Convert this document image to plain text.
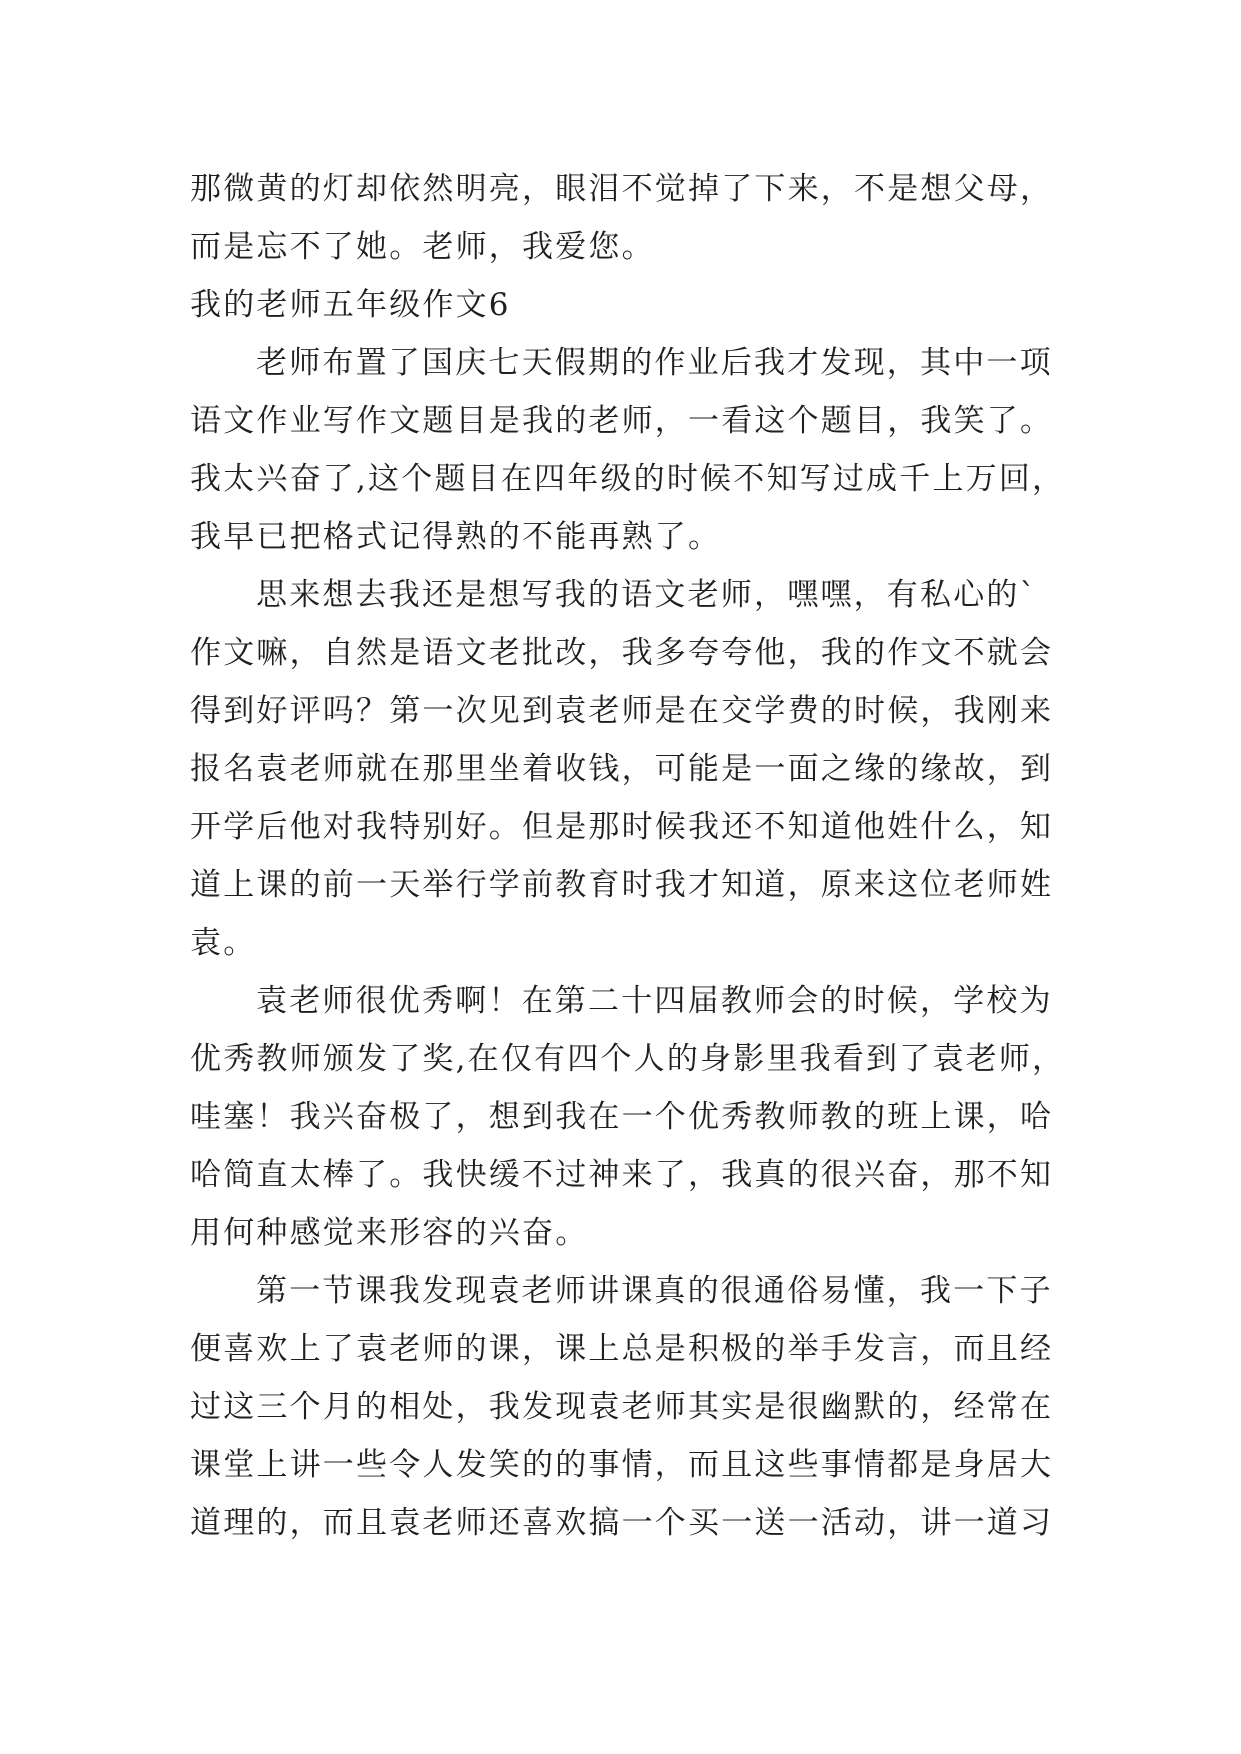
那微黄的灯却依然明亮，眼泪不觉掉了下来，不是想父母，
而是忘不了她。老师，我爱您。
我的老师五年级作文6
老师布置了国庆七天假期的作业后我才发现，其中一项
语文作业写作文题目是我的老师，一看这个题目，我笑了。
我太兴奋了,这个题目在四年级的时候不知写过成千上万回，
我早已把格式记得熟的不能再熟了。
思来想去我还是想写我的语文老师，嘿嘿，有私心的`
作文嘛，自然是语文老批改，我多夸夸他，我的作文不就会
得到好评吗？第一次见到袁老师是在交学费的时候，我刚来
报名袁老师就在那里坐着收钱，可能是一面之缘的缘故，到
开学后他对我特别好。但是那时候我还不知道他姓什么，知
道上课的前一天举行学前教育时我才知道，原来这位老师姓
袁。
袁老师很优秀啊！在第二十四届教师会的时候，学校为
优秀教师颁发了奖,在仅有四个人的身影里我看到了袁老师，
哇塞！我兴奋极了，想到我在一个优秀教师教的班上课，哈
哈简直太棒了。我快缓不过神来了，我真的很兴奋，那不知
用何种感觉来形容的兴奋。
第一节课我发现袁老师讲课真的很通俗易懂，我一下子
便喜欢上了袁老师的课，课上总是积极的举手发言，而且经
过这三个月的相处，我发现袁老师其实是很幽默的，经常在
课堂上讲一些令人发笑的的事情，而且这些事情都是身居大
道理的，而且袁老师还喜欢搞一个买一送一活动，讲一道习
